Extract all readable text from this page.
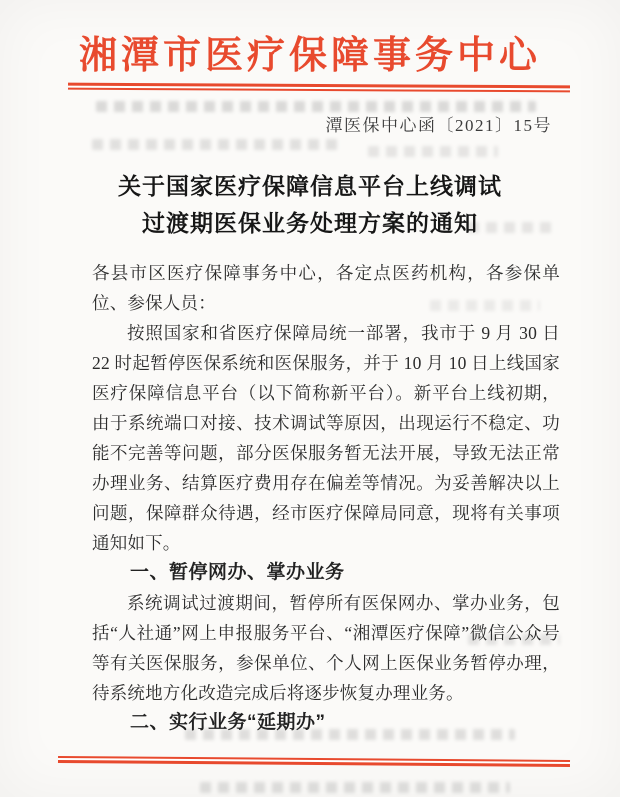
湘潭市医疗保障事务中心
潭医保中心函〔2021〕15号
关于国家医疗保障信息平台上线调试
过渡期医保业务处理方案的通知

各县市区医疗保障事务中心，各定点医药机构，各参保单位、参保人员：

按照国家和省医疗保障局统一部署，我市于 9 月 30 日 22 时起暂停医保系统和医保服务，并于 10 月 10 日上线国家医疗保障信息平台（以下简称新平台）。新平台上线初期，由于系统端口对接、技术调试等原因，出现运行不稳定、功能不完善等问题，部分医保服务暂无法开展，导致无法正常办理业务、结算医疗费用存在偏差等情况。为妥善解决以上问题，保障群众待遇，经市医疗保障局同意，现将有关事项通知如下。

一、暂停网办、掌办业务

系统调试过渡期间，暂停所有医保网办、掌办业务，包括“人社通”网上申报服务平台、“湘潭医疗保障”微信公众号等有关医保服务，参保单位、个人网上医保业务暂停办理，待系统地方化改造完成后将逐步恢复办理业务。

二、实行业务“延期办”
